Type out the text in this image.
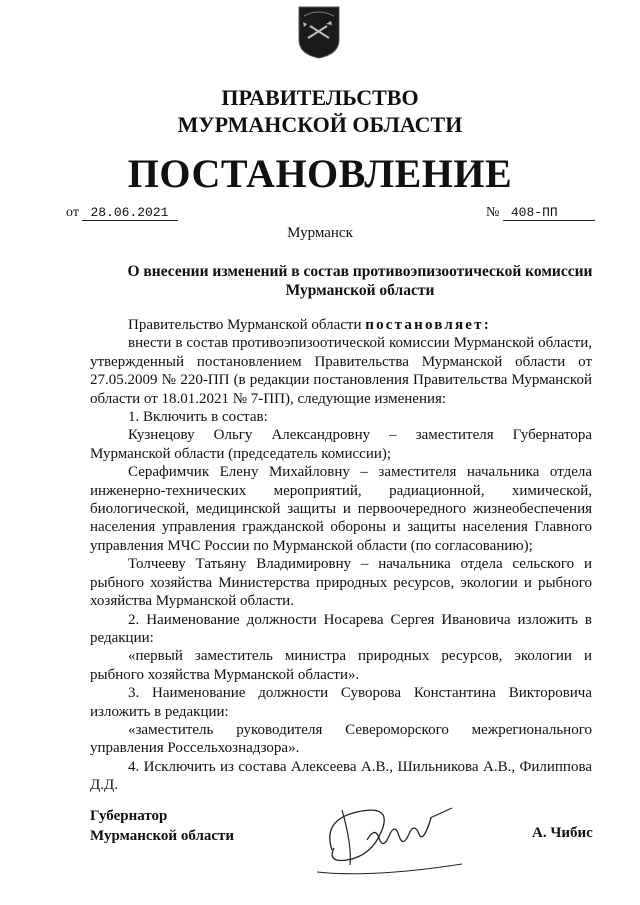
ПРАВИТЕЛЬСТВО
МУРМАНСКОЙ ОБЛАСТИ
ПОСТАНОВЛЕНИЕ
от 28.06.2021	№ 408-ПП
Мурманск
О внесении изменений в состав противоэпизоотической комиссии
Мурманской области

Правительство Мурманской области постановляет:

внести в состав противоэпизоотической комиссии Мурманской области, утвержденный постановлением Правительства Мурманской области от 27.05.2009 № 220-ПП (в редакции постановления Правительства Мурманской области от 18.01.2021 № 7-ПП), следующие изменения:

1. Включить в состав:

Кузнецову Ольгу Александровну – заместителя Губернатора Мурманской области (председатель комиссии);

Серафимчик Елену Михайловну – заместителя начальника отдела инженерно-технических мероприятий, радиационной, химической, биологической, медицинской защиты и первоочередного жизнеобеспечения населения управления гражданской обороны и защиты населения Главного управления МЧС России по Мурманской области (по согласованию);

Толчееву Татьяну Владимировну – начальника отдела сельского и рыбного хозяйства Министерства природных ресурсов, экологии и рыбного хозяйства Мурманской области.

2. Наименование должности Носарева Сергея Ивановича изложить в редакции:

«первый заместитель министра природных ресурсов, экологии и рыбного хозяйства Мурманской области».

3. Наименование должности Суворова Константина Викторовича изложить в редакции:

«заместитель руководителя Североморского межрегионального управления Россельхознадзора».

4. Исключить из состава Алексеева А.В., Шильникова А.В., Филиппова Д.Д.

Губернатор
Мурманской области	А. Чибис
